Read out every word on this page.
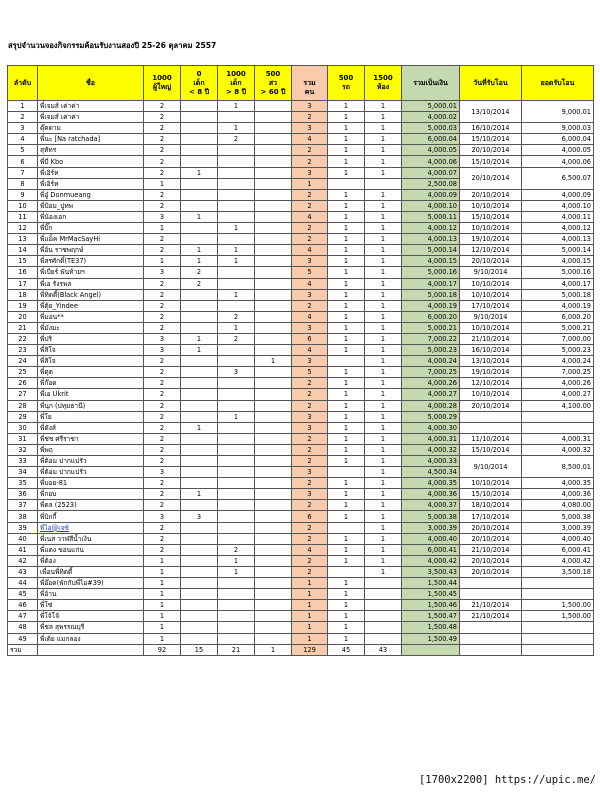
สรุปจำนวนจองกิจกรรมค้อนรับงานสองปี 25-26 ตุลาคม 2557
ลำดับ	ชื่อ	1000
ผู้ใหญ่	0
เด็ก
< 8 ปี	1000
เด็ก
> 8 ปี	500
สว
> 60 ปี	รวม
คน	500
รถ	1500
ห้อง	รวมเป็นเงิน	วันที่รับโอน	ยอดรับโอน
1	พี่เจมส์ เค่าค่า	2		1		3	1	1	5,000.01	13/10/2014	9,000.01
2	พี่เจมส์ เค่าค่า	2				2	1	1	4,000.02		
3	ดุ๊ดดาม	2		1		3	1	1	5,000.03	16/10/2014	9,000.03
4	พี่นะ [Na ratchada]	2		2		4	1	1	6,000.04	15/10/2014	6,000.04
5	สุทัทร	2				2	1	1	4,000.05	20/10/2014	4,000.05
6	พี่บี Kbo	2				2	1	1	4,000.06	15/10/2014	4,000.06
7	พี่เอิร์ท	2	1			3	1	1	4,000.07	20/10/2014	6,500.07
8	พี่เอิร์ท	1				1			2,500.08		
9	พี่อู๋ Donmueang	2				2	1	1	4,000.09	20/10/2014	4,000.09
10	พี่ป้อม_ปูทพ	2				2	1	1	4,000.10	10/10/2014	4,000.10
11	พี่น้องเอก	3	1			4	1	1	5,000.11	15/10/2014	4,000.11
12	พี่บิ๊ก	1		1		2	1	1	4,000.12	10/10/2014	4,000.12
13	พี่แม็ค MrMacSayHi	2				2	1	1	4,000.13	19/10/2014	4,000.13
14	พี่อ้น ราชพฤกษ์	2	1	1		4	1	1	5,000.14	12/10/2014	5,000.14
15	พี่สรศักดิ์(TE37)	1	1	1		3	1	1	4,000.15	20/10/2014	4,000.15
16	พี่เบียร์ พันท้ายฯ	3	2			5	1	1	5,000.16	9/10/2014	5,000.16
17	พี่เอ รังรพล	2	2			4	1	1	4,000.17	10/10/2014	4,000.17
18	พี่ทิดดี้(Black Angel)	2		1		3	1	1	5,000.18	10/10/2014	5,000.18
19	พี่ตุ้ย_Yindee	2				2	1	1	4,000.19	17/10/2014	4,000.19
20	พี่มอน**	2		2		4	1	1	6,000.20	9/10/2014	6,000.20
21	พี่มังมะ	2		1		3	1	1	5,000.21	10/10/2014	5,000.21
22	พี่ปริ	3	1	2		6	1	1	7,000.22	21/10/2014	7,000.00
23	พี่สิโจ	3	1			4	1	1	5,000.23	16/10/2014	5,000.23
24	พี่สิโจ	2			1	3		1	4,000.24	13/10/2014	4,000.24
25	พี่ตุต	2		3		5	1	1	7,000.25	19/10/2014	7,000.25
26	พี่ก๊อด	2				2	1	1	4,000.26	12/10/2014	4,000.26
27	พี่เอ Ukrit	2				2	1	1	4,000.27	10/10/2014	4,000.27
28	พี่นุก (ปทุมธานี)	2				2	1	1	4,000.28	20/10/2014	4,100.00
29	พี่โย	2		1		3	1	1	5,000.29		
30	พี่ดังส์	2	1			3	1	1	4,000.30		
31	พี่ช่ช ศรีราชา	2				2	1	1	4,000.31	11/10/2014	4,000.31
32	พี่พฤ	2				2	1	1	4,000.32	15/10/2014	4,000.32
33	พี่ต้อม ปากแปรัว	2				2	1	1	4,000.33	9/10/2014	8,500.01
34	พี่ต้อม ปากแปรัว	3				3		1	4,500.34		
35	พี่บอย-81	2				2	1	1	4,000.35	10/10/2014	4,000.35
36	พี่กอบ	2	1			3	1	1	4,000.36	15/10/2014	4,000.36
37	พี่ดล (2523)	2				2	1	1	4,000.37	18/10/2014	4,080.00
38	พี่บิกกี้	3	3			6	1	1	5,000.38	17/10/2014	5,000.38
39	พี่ไอ@เจซ์	2				2		1	3,000.39	20/10/2014	3,000.39
40	พี่เนส วาฬสีน้ำเงิน	2				2	1	1	4,000.40	20/10/2014	4,000.40
41	พี่แดง ขอนแก่น	2		2		4	1	1	6,000.41	21/10/2014	6,000.41
42	พี่ต้อง	1		1		2	1	1	4,000.42	20/10/2014	4,000.42
43	เพื่อนพี่ทิดดี้	1		1		2		1	3,500.43	20/10/2014	3,500.18
44	พี่อ๊อด(พักกับพี่ไอ#39)	1				1	1		1,500.44		
45	พี่อ้าน	1				1	1		1,500.45		
46	พี่โซ่	1				1	1		1,500.46	21/10/2014	1,500.00
47	พี่โจ้โจ้	1				1	1		1,500.47	21/10/2014	1,500.00
48	พี่ชล สุพรรณบุรี	1				1	1		1,500.48		
49	พี่เต้ย แมกลอง	1				1	1		1,500.49		
รวม		92	15	21	1	129	45	43			
[1700x2200] https://upic.me/
